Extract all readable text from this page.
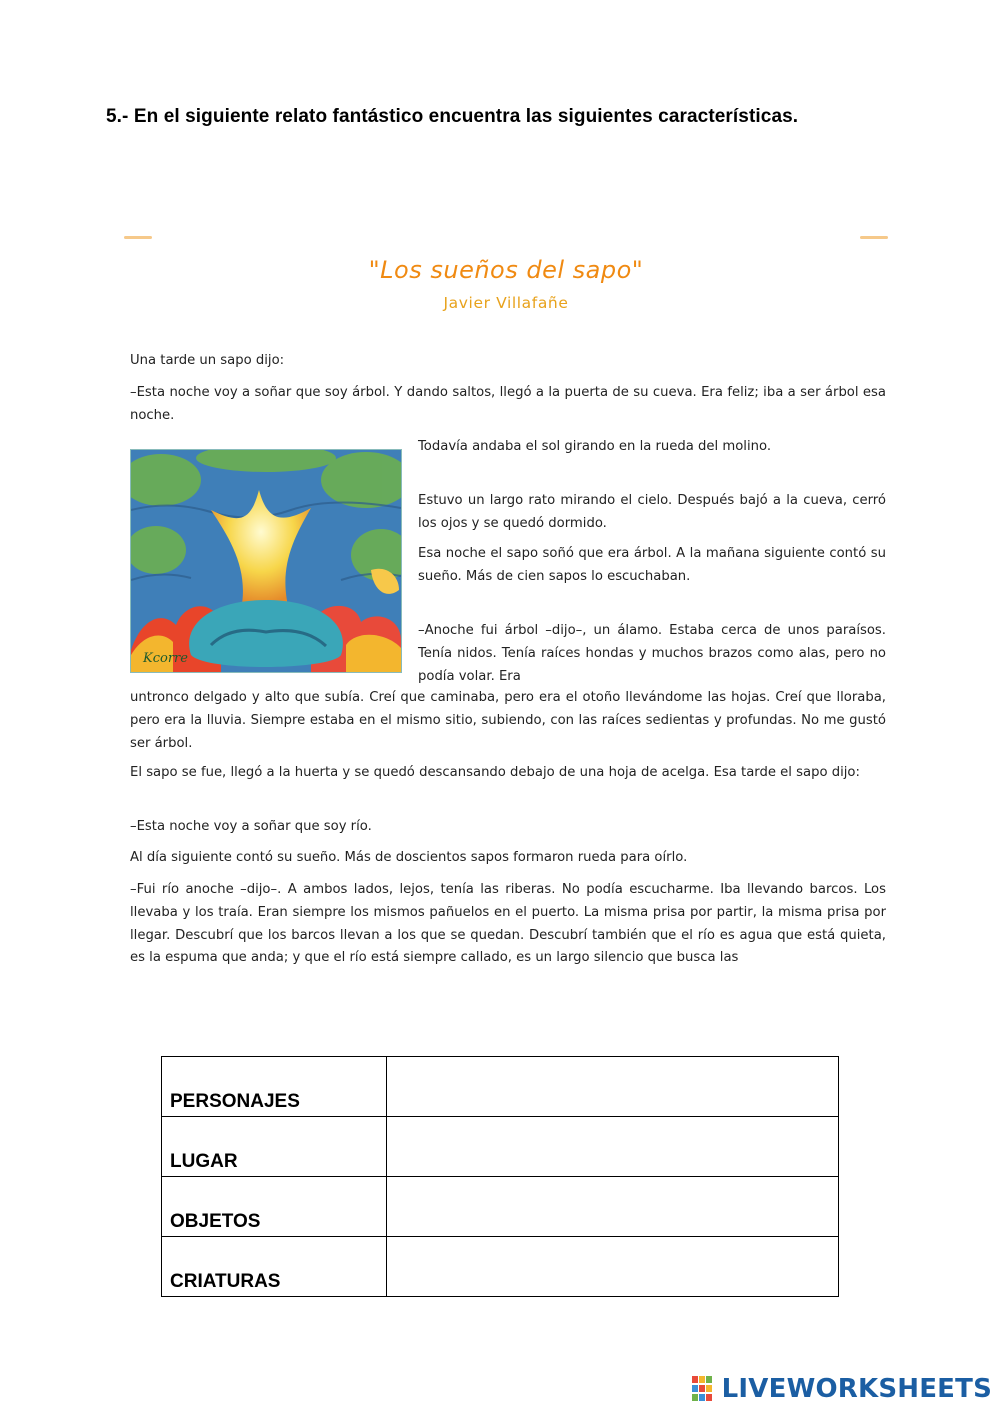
5.- En el siguiente relato fantástico encuentra las siguientes características.
"Los sueños del sapo"
Javier Villafañe

Una tarde un sapo dijo:

–Esta noche voy a soñar que soy árbol. Y dando saltos, llegó a la puerta de su cueva. Era feliz; iba a ser árbol esa noche.

Kcorre

Todavía andaba el sol girando en la rueda del molino.

Estuvo un largo rato mirando el cielo. Después bajó a la cueva, cerró los ojos y se quedó dormido.

Esa noche el sapo soñó que era árbol. A la mañana siguiente contó su sueño. Más de cien sapos lo escuchaban.

–Anoche fui árbol –dijo–, un álamo. Estaba cerca de unos paraísos. Tenía nidos. Tenía raíces hondas y muchos brazos como alas, pero no podía volar. Era

untronco delgado y alto que subía. Creí que caminaba, pero era el otoño llevándome las hojas. Creí que lloraba, pero era la lluvia. Siempre estaba en el mismo sitio, subiendo, con las raíces sedientas y profundas. No me gustó ser árbol.

El sapo se fue, llegó a la huerta y se quedó descansando debajo de una hoja de acelga. Esa tarde el sapo dijo:

–Esta noche voy a soñar que soy río.

Al día siguiente contó su sueño. Más de doscientos sapos formaron rueda para oírlo.

–Fui río anoche –dijo–. A ambos lados, lejos, tenía las riberas. No podía escucharme. Iba llevando barcos. Los llevaba y los traía. Eran siempre los mismos pañuelos en el puerto. La misma prisa por partir, la misma prisa por llegar. Descubrí que los barcos llevan a los que se quedan. Descubrí también que el río es agua que está quieta, es la espuma que anda; y que el río está siempre callado, es un largo silencio que busca las

PERSONAJES	
LUGAR	
OBJETOS	
CRIATURAS	
LIVEWORKSHEETS
